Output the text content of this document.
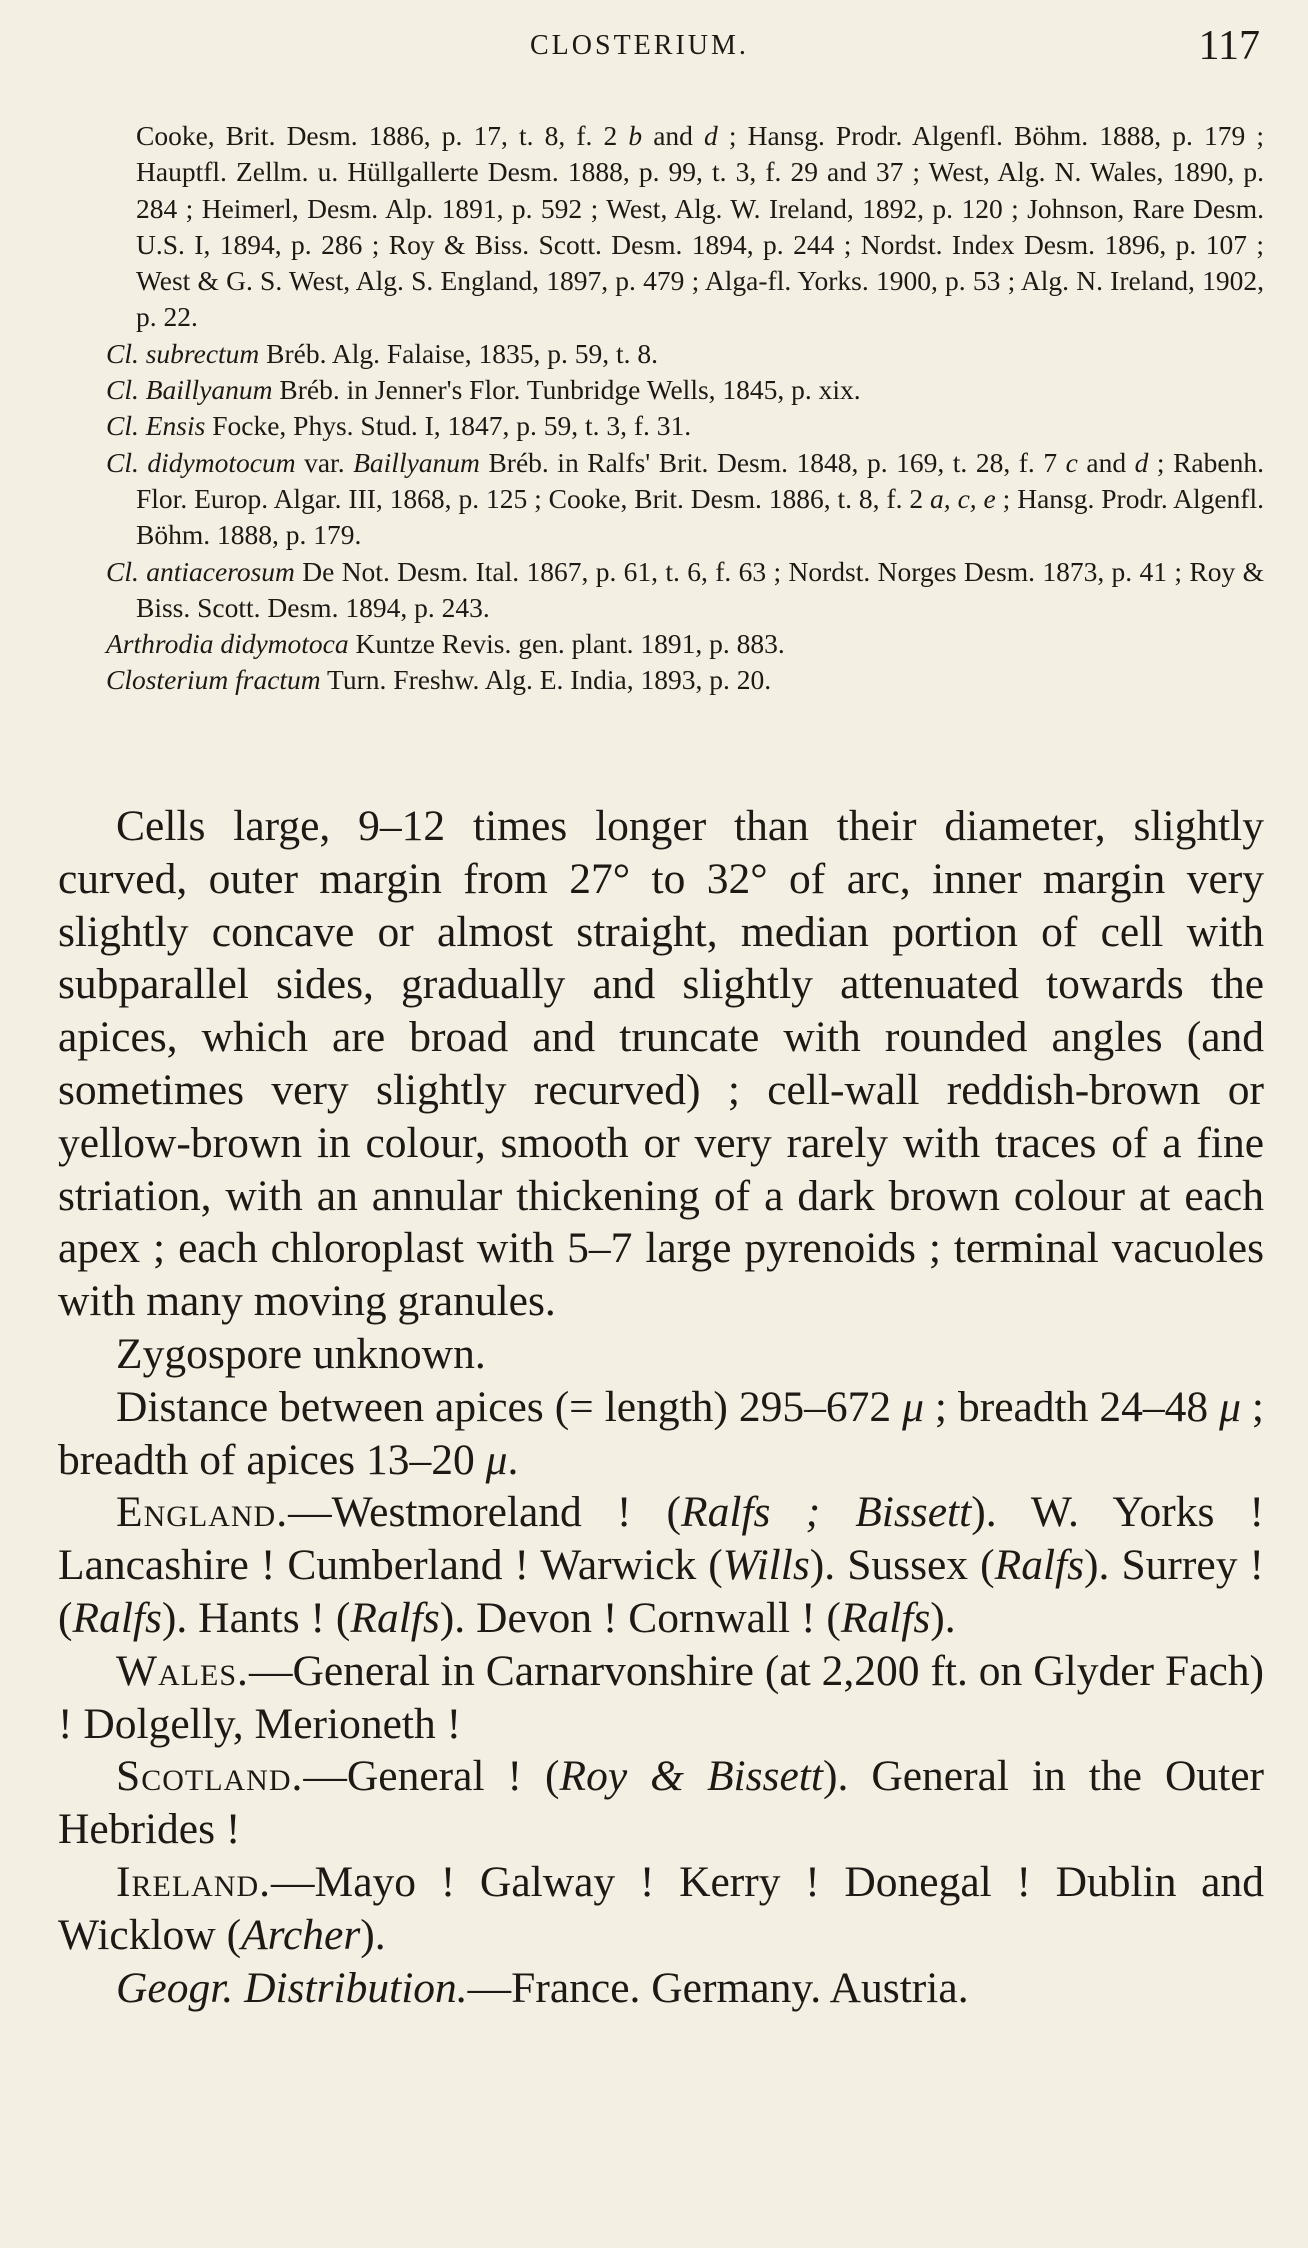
CLOSTERIUM.	117

Cooke, Brit. Desm. 1886, p. 17, t. 8, f. 2 b and d ; Hansg. Prodr. Algenfl. Böhm. 1888, p. 179 ; Hauptfl. Zellm. u. Hüllgallerte Desm. 1888, p. 99, t. 3, f. 29 and 37 ; West, Alg. N. Wales, 1890, p. 284 ; Heimerl, Desm. Alp. 1891, p. 592 ; West, Alg. W. Ireland, 1892, p. 120 ; Johnson, Rare Desm. U.S. I, 1894, p. 286 ; Roy & Biss. Scott. Desm. 1894, p. 244 ; Nordst. Index Desm. 1896, p. 107 ; West & G. S. West, Alg. S. England, 1897, p. 479 ; Alga-fl. Yorks. 1900, p. 53 ; Alg. N. Ireland, 1902, p. 22.

Cl. subrectum Bréb. Alg. Falaise, 1835, p. 59, t. 8.

Cl. Baillyanum Bréb. in Jenner's Flor. Tunbridge Wells, 1845, p. xix.

Cl. Ensis Focke, Phys. Stud. I, 1847, p. 59, t. 3, f. 31.

Cl. didymotocum var. Baillyanum Bréb. in Ralfs' Brit. Desm. 1848, p. 169, t. 28, f. 7 c and d ; Rabenh. Flor. Europ. Algar. III, 1868, p. 125 ; Cooke, Brit. Desm. 1886, t. 8, f. 2 a, c, e ; Hansg. Prodr. Algenfl. Böhm. 1888, p. 179.

Cl. antiacerosum De Not. Desm. Ital. 1867, p. 61, t. 6, f. 63 ; Nordst. Norges Desm. 1873, p. 41 ; Roy & Biss. Scott. Desm. 1894, p. 243.

Arthrodia didymotoca Kuntze Revis. gen. plant. 1891, p. 883.

Closterium fractum Turn. Freshw. Alg. E. India, 1893, p. 20.

Cells large, 9–12 times longer than their diameter, slightly curved, outer margin from 27° to 32° of arc, inner margin very slightly concave or almost straight, median portion of cell with subparallel sides, gradually and slightly attenuated towards the apices, which are broad and truncate with rounded angles (and sometimes very slightly recurved) ; cell-wall reddish-brown or yellow-brown in colour, smooth or very rarely with traces of a fine striation, with an annular thickening of a dark brown colour at each apex ; each chloroplast with 5–7 large pyrenoids ; terminal vacuoles with many moving granules.

Zygospore unknown.

Distance between apices (= length) 295–672 μ ; breadth 24–48 μ ; breadth of apices 13–20 μ.

England.—Westmoreland ! (Ralfs ; Bissett). W. Yorks ! Lancashire ! Cumberland ! Warwick (Wills). Sussex (Ralfs). Surrey ! (Ralfs). Hants ! (Ralfs). Devon ! Cornwall ! (Ralfs).

Wales.—General in Carnarvonshire (at 2,200 ft. on Glyder Fach) ! Dolgelly, Merioneth !

Scotland.—General ! (Roy & Bissett). General in the Outer Hebrides !

Ireland.—Mayo ! Galway ! Kerry ! Donegal ! Dublin and Wicklow (Archer).

Geogr. Distribution.—France. Germany. Austria.
